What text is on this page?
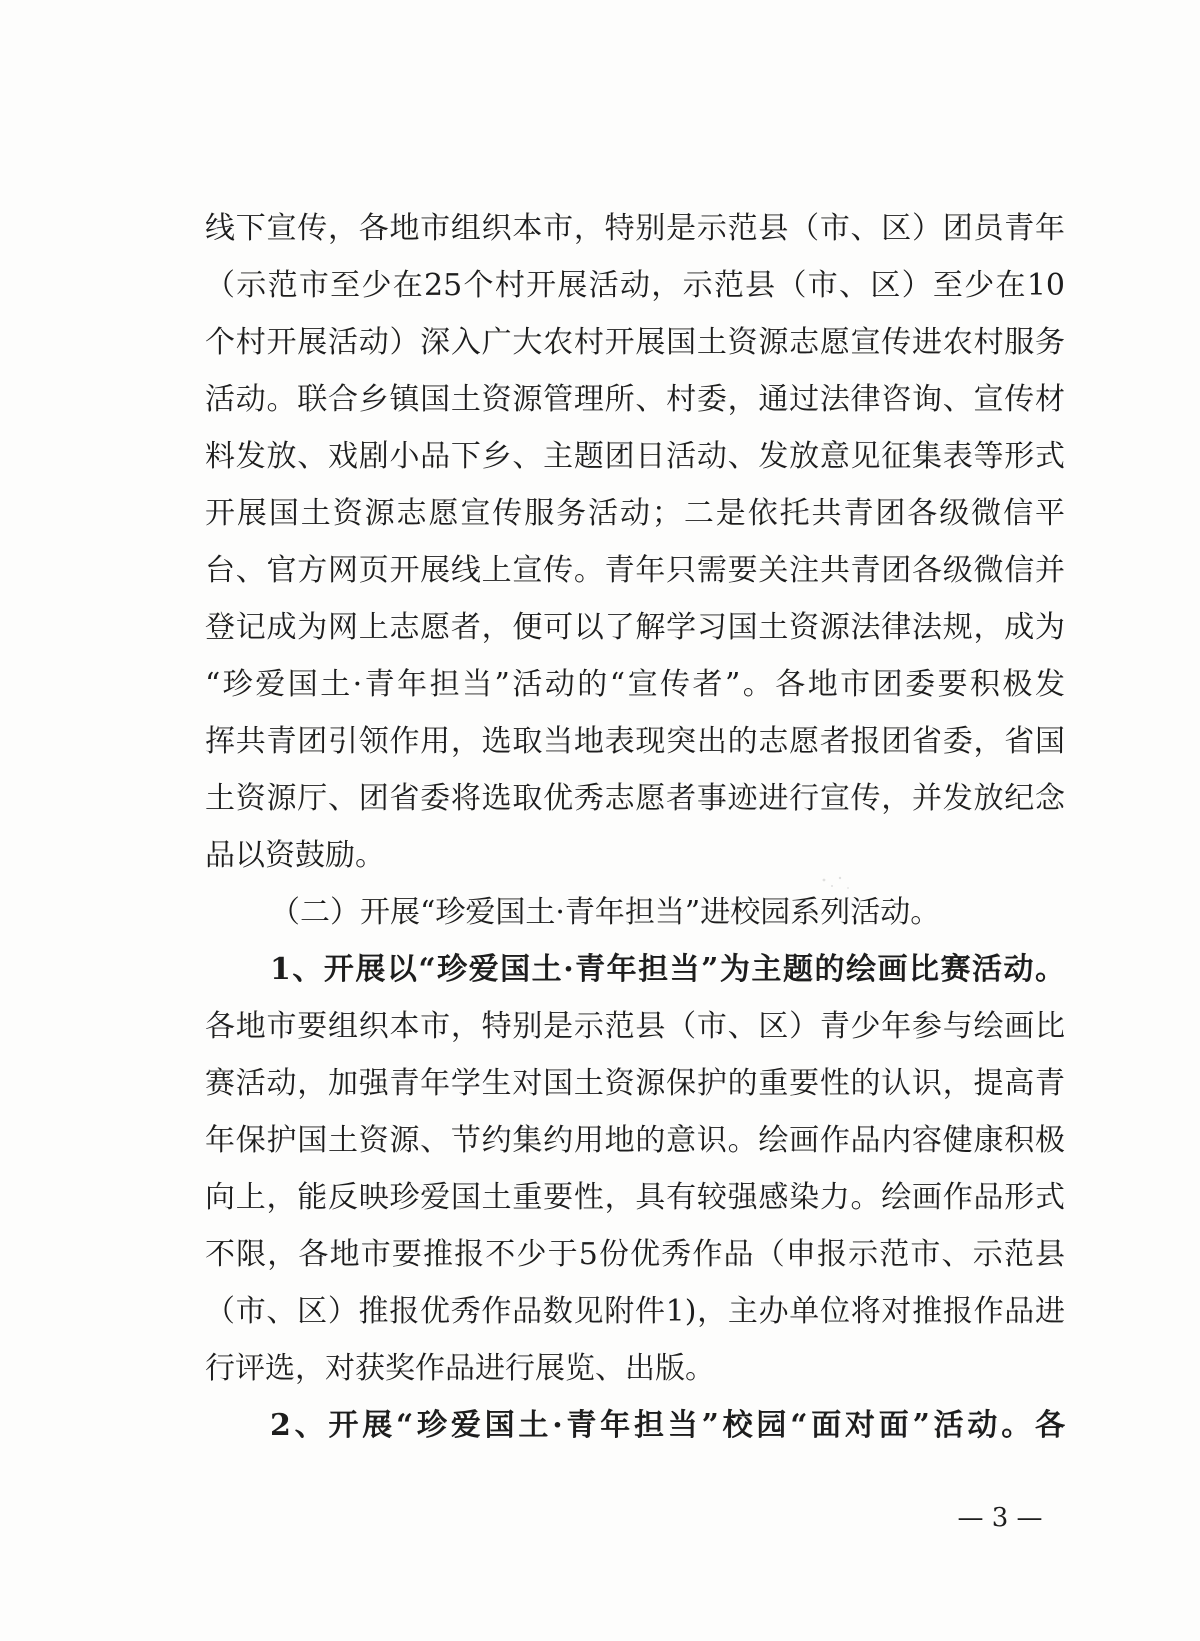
线下宣传，各地市组织本市，特别是示范县（市、区）团员青年
（示范市至少在25个村开展活动，示范县（市、区）至少在10
个村开展活动）深入广大农村开展国土资源志愿宣传进农村服务
活动。联合乡镇国土资源管理所、村委，通过法律咨询、宣传材
料发放、戏剧小品下乡、主题团日活动、发放意见征集表等形式
开展国土资源志愿宣传服务活动；二是依托共青团各级微信平
台、官方网页开展线上宣传。青年只需要关注共青团各级微信并
登记成为网上志愿者，便可以了解学习国土资源法律法规，成为
“珍爱国土·青年担当”活动的“宣传者”。各地市团委要积极发
挥共青团引领作用，选取当地表现突出的志愿者报团省委，省国
土资源厅、团省委将选取优秀志愿者事迹进行宣传，并发放纪念
品以资鼓励。
（二）开展“珍爱国土·青年担当”进校园系列活动。
1、开展以“珍爱国土·青年担当”为主题的绘画比赛活动。
各地市要组织本市，特别是示范县（市、区）青少年参与绘画比
赛活动，加强青年学生对国土资源保护的重要性的认识，提高青
年保护国土资源、节约集约用地的意识。绘画作品内容健康积极
向上，能反映珍爱国土重要性，具有较强感染力。绘画作品形式
不限，各地市要推报不少于5份优秀作品（申报示范市、示范县
（市、区）推报优秀作品数见附件1)，主办单位将对推报作品进
行评选，对获奖作品进行展览、出版。
2、开展“珍爱国土·青年担当”校园“面对面”活动。各
— 3 —
